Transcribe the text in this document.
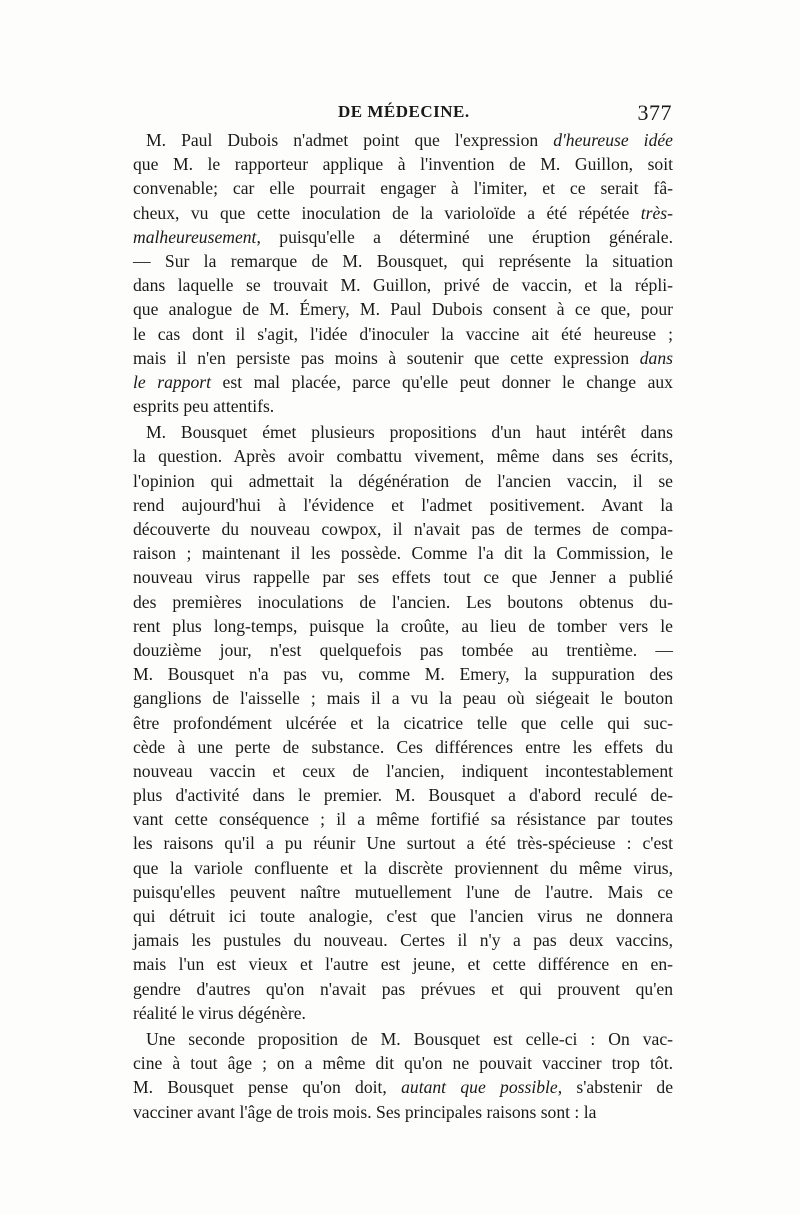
DE MÉDECINE.	377
M. Paul Dubois n'admet point que l'expression d'heureuse idée
que M. le rapporteur applique à l'invention de M. Guillon, soit
convenable; car elle pourrait engager à l'imiter, et ce serait fâ-
cheux, vu que cette inoculation de la varioloïde a été répétée très-
malheureusement, puisqu'elle a déterminé une éruption générale.
— Sur la remarque de M. Bousquet, qui représente la situation
dans laquelle se trouvait M. Guillon, privé de vaccin, et la répli-
que analogue de M. Émery, M. Paul Dubois consent à ce que, pour
le cas dont il s'agit, l'idée d'inoculer la vaccine ait été heureuse ;
mais il n'en persiste pas moins à soutenir que cette expression dans
le rapport est mal placée, parce qu'elle peut donner le change aux
esprits peu attentifs.
M. Bousquet émet plusieurs propositions d'un haut intérêt dans
la question. Après avoir combattu vivement, même dans ses écrits,
l'opinion qui admettait la dégénération de l'ancien vaccin, il se
rend aujourd'hui à l'évidence et l'admet positivement. Avant la
découverte du nouveau cowpox, il n'avait pas de termes de compa-
raison ; maintenant il les possède. Comme l'a dit la Commission, le
nouveau virus rappelle par ses effets tout ce que Jenner a publié
des premières inoculations de l'ancien. Les boutons obtenus du-
rent plus long-temps, puisque la croûte, au lieu de tomber vers le
douzième jour, n'est quelquefois pas tombée au trentième. —
M. Bousquet n'a pas vu, comme M. Emery, la suppuration des
ganglions de l'aisselle ; mais il a vu la peau où siégeait le bouton
être profondément ulcérée et la cicatrice telle que celle qui suc-
cède à une perte de substance. Ces différences entre les effets du
nouveau vaccin et ceux de l'ancien, indiquent incontestablement
plus d'activité dans le premier. M. Bousquet a d'abord reculé de-
vant cette conséquence ; il a même fortifié sa résistance par toutes
les raisons qu'il a pu réunir Une surtout a été très-spécieuse : c'est
que la variole confluente et la discrète proviennent du même virus,
puisqu'elles peuvent naître mutuellement l'une de l'autre. Mais ce
qui détruit ici toute analogie, c'est que l'ancien virus ne donnera
jamais les pustules du nouveau. Certes il n'y a pas deux vaccins,
mais l'un est vieux et l'autre est jeune, et cette différence en en-
gendre d'autres qu'on n'avait pas prévues et qui prouvent qu'en
réalité le virus dégénère.
Une seconde proposition de M. Bousquet est celle-ci : On vac-
cine à tout âge ; on a même dit qu'on ne pouvait vacciner trop tôt.
M. Bousquet pense qu'on doit, autant que possible, s'abstenir de
vacciner avant l'âge de trois mois. Ses principales raisons sont : la
